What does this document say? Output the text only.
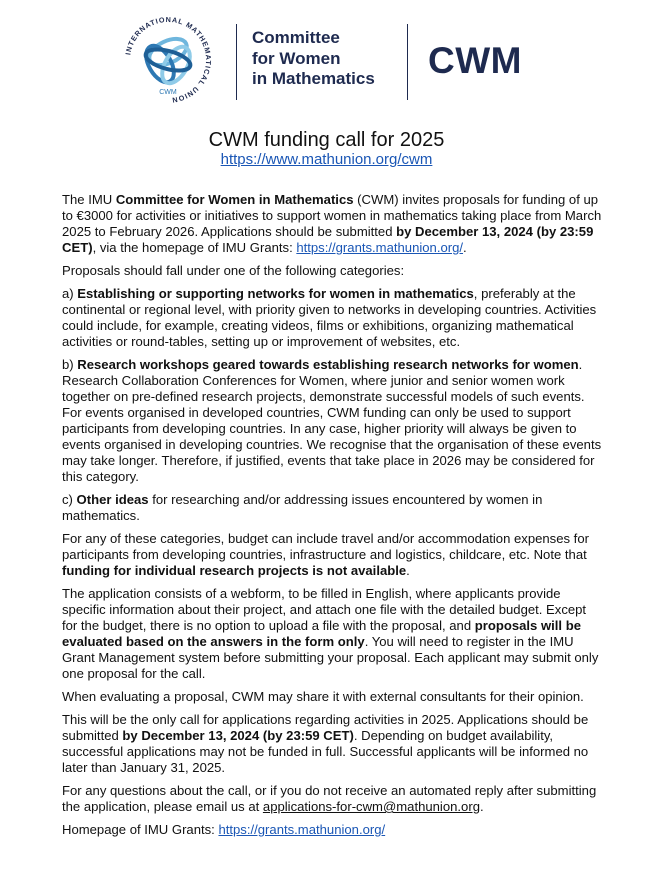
INTERNATIONAL MATHEMATICAL UNION
CWM
Committee
for Women
in Mathematics CWM
CWM funding call for 2025
https://www.mathunion.org/cwm

The IMU Committee for Women in Mathematics (CWM) invites proposals for funding of up to €3000 for activities or initiatives to support women in mathematics taking place from March 2025 to February 2026. Applications should be submitted by December 13, 2024 (by 23:59 CET), via the homepage of IMU Grants: https://grants.mathunion.org/.

Proposals should fall under one of the following categories:

a) Establishing or supporting networks for women in mathematics, preferably at the continental or regional level, with priority given to networks in developing countries. Activities could include, for example, creating videos, films or exhibitions, organizing mathematical activities or round-tables, setting up or improvement of websites, etc.

b) Research workshops geared towards establishing research networks for women. Research Collaboration Conferences for Women, where junior and senior women work together on pre-defined research projects, demonstrate successful models of such events. For events organised in developed countries, CWM funding can only be used to support participants from developing countries. In any case, higher priority will always be given to events organised in developing countries. We recognise that the organisation of these events may take longer. Therefore, if justified, events that take place in 2026 may be considered for this category.

c) Other ideas for researching and/or addressing issues encountered by women in mathematics.

For any of these categories, budget can include travel and/or accommodation expenses for participants from developing countries, infrastructure and logistics, childcare, etc. Note that funding for individual research projects is not available.

The application consists of a webform, to be filled in English, where applicants provide specific information about their project, and attach one file with the detailed budget. Except for the budget, there is no option to upload a file with the proposal, and proposals will be evaluated based on the answers in the form only. You will need to register in the IMU Grant Management system before submitting your proposal. Each applicant may submit only one proposal for the call.

When evaluating a proposal, CWM may share it with external consultants for their opinion.

This will be the only call for applications regarding activities in 2025. Applications should be submitted by December 13, 2024 (by 23:59 CET). Depending on budget availability, successful applications may not be funded in full. Successful applicants will be informed no later than January 31, 2025.

For any questions about the call, or if you do not receive an automated reply after submitting the application, please email us at applications-for-cwm@mathunion.org.

Homepage of IMU Grants: https://grants.mathunion.org/
